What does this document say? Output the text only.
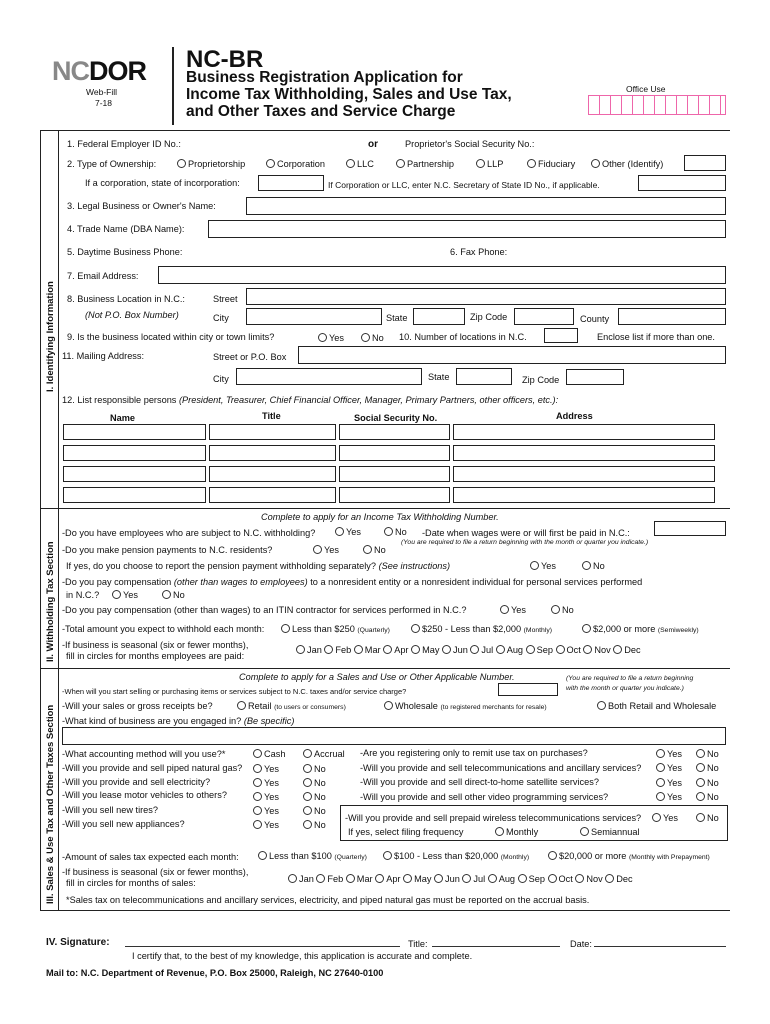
NCDOR
Web-Fill
7-18
NC-BR
Business Registration Application for
Income Tax Withholding, Sales and Use Tax,
and Other Taxes and Service Charge
Office Use
I. Identifying Information
II. Withholding Tax Section
III. Sales & Use Tax and Other Taxes Section
1. Federal Employer ID No.:	or	Proprietor's Social Security No.:
2. Type of Ownership:	Proprietorship	Corporation	LLC	Partnership	LLP	Fiduciary	Other (Identify)
If a corporation, state of incorporation:	If Corporation or LLC, enter N.C. Secretary of State ID No., if applicable.
3. Legal Business or Owner's Name:
4. Trade Name (DBA Name):
5. Daytime Business Phone:	6. Fax Phone:
7. Email Address:
8. Business Location in N.C.:
(Not P.O. Box Number)
Street
City	State	Zip Code	County
9. Is the business located within city or town limits?	Yes	No 10. Number of locations in N.C.	Enclose list if more than one.
11. Mailing Address:	Street or P.O. Box
City	State	Zip Code
12. List responsible persons (President, Treasurer, Chief Financial Officer, Manager, Primary Partners, other officers, etc.):
Name	Title	Social Security No.	Address
Complete to apply for an Income Tax Withholding Number.
-Do you have employees who are subject to N.C. withholding?	Yes	No -Date when wages were or will first be paid in N.C.:
(You are required to file a return beginning with the month or quarter you indicate.)
-Do you make pension payments to N.C. residents?	Yes	No
If yes, do you choose to report the pension payment withholding separately? (See instructions)	Yes	No
-Do you pay compensation (other than wages to employees) to a nonresident entity or a nonresident individual for personal services performed
in N.C.?	Yes	No
-Do you pay compensation (other than wages) to an ITIN contractor for services performed in N.C.?	Yes	No
-Total amount you expect to withhold each month:	Less than $250 (Quarterly)	$250 - Less than $2,000 (Monthly)	$2,000 or more (Semiweekly)
-If business is seasonal (six or fewer months),
fill in circles for months employees are paid:
Jan Feb Mar Apr May Jun Jul Aug Sep Oct Nov Dec
Complete to apply for a Sales and Use or Other Applicable Number.	(You are required to file a return beginning
with the month or quarter you indicate.)
-When will you start selling or purchasing items or services subject to N.C. taxes and/or service charge?
-Will your sales or gross receipts be?	Retail (to users or consumers)	Wholesale (to registered merchants for resale)	Both Retail and Wholesale
-What kind of business are you engaged in? (Be specific)
-What accounting method will you use?*	Cash	Accrual
-Will you provide and sell piped natural gas?	Yes	No
-Will you provide and sell electricity?	Yes	No
-Will you lease motor vehicles to others?	Yes	No
-Will you sell new tires?	Yes	No
-Will you sell new appliances?	Yes	No
-Are you registering only to remit use tax on purchases?	Yes	No
-Will you provide and sell telecommunications and ancillary services?	Yes	No
-Will you provide and sell direct-to-home satellite services?	Yes	No
-Will you provide and sell other video programming services?	Yes	No
-Will you provide and sell prepaid wireless telecommunications services?	Yes	No
If yes, select filing frequency	Monthly	Semiannual
-Amount of sales tax expected each month:	Less than $100 (Quarterly)	$100 - Less than $20,000 (Monthly)	$20,000 or more (Monthly with Prepayment)
-If business is seasonal (six or fewer months),
fill in circles for months of sales:	Jan Feb Mar Apr May Jun Jul Aug Sep Oct Nov Dec
*Sales tax on telecommunications and ancillary services, electricity, and piped natural gas must be reported on the accrual basis.
IV. Signature:	Title:	Date:
I certify that, to the best of my knowledge, this application is accurate and complete.
Mail to: N.C. Department of Revenue, P.O. Box 25000, Raleigh, NC 27640-0100
